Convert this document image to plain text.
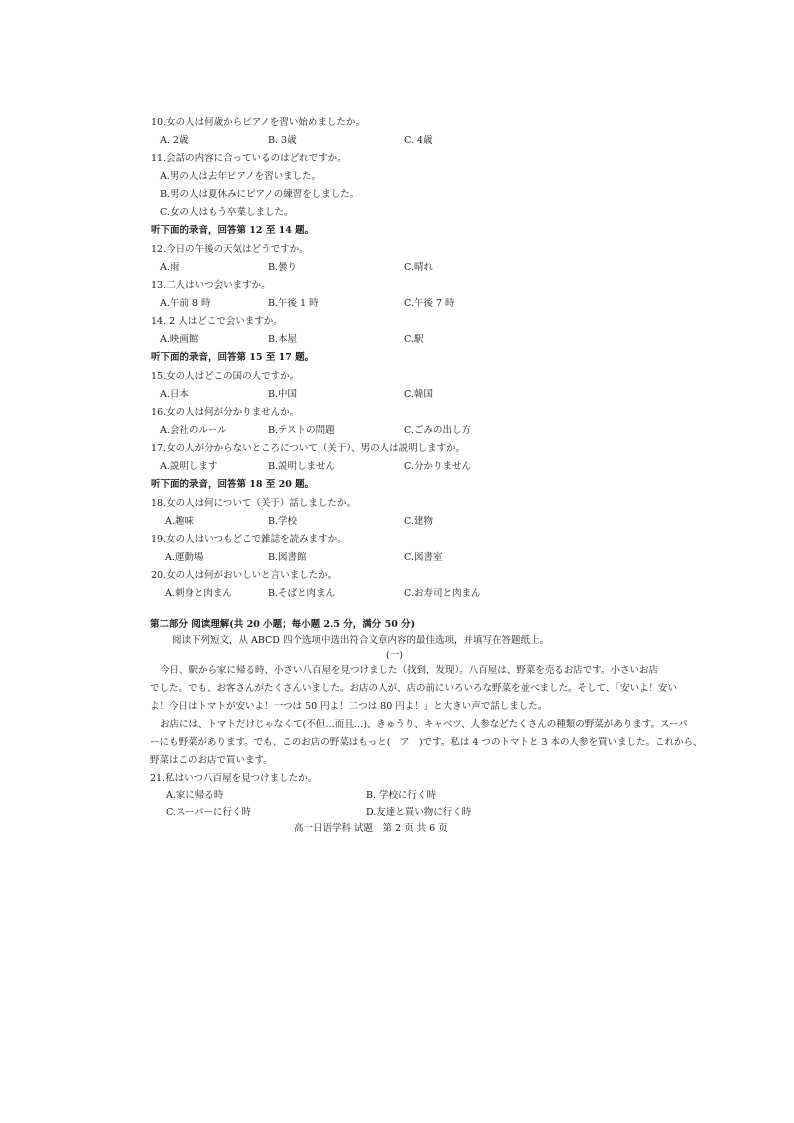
10.女の人は何歳からピアノを習い始めましたか。
A. 2歳	B. 3歳	C. 4歳
11.会話の内容に合っているのはどれですか。
A.男の人は去年ピアノを習いました。
B.男の人は夏休みにピアノの練習をしました。
C.女の人はもう卒業しました。
听下面的录音，回答第 12 至 14 题。
12.今日の午後の天気はどうですか。
A.雨	B.曇り	C.晴れ
13.二人はいつ会いますか。
A.午前 8 時	B.午後 1 時	C.午後 7 時
14. 2 人はどこで会いますか。
A.映画館	B.本屋	C.駅
听下面的录音，回答第 15 至 17 题。
15.女の人はどこの国の人ですか。
A.日本	B.中国	C.韓国
16.女の人は何が分かりませんか。
A.会社のルール	B.テストの問題	C.ごみの出し方
17.女の人が分からないところについて（关于）、男の人は説明しますか。
A.説明します	B.説明しません	C.分かりません
听下面的录音，回答第 18 至 20 题。
18.女の人は何について（关于）話しましたか。
A.趣味	B.学校	C.建物
19.女の人はいつもどこで雑誌を読みますか。
A.運動場	B.図書館	C.図書室
20.女の人は何がおいしいと言いましたか。
A.刺身と肉まん	B.そばと肉まん	C.お寿司と肉まん
第二部分 阅读理解(共 20 小题；每小题 2.5 分，满分 50 分)
阅读下列短文，从 ABCD 四个选项中选出符合文章内容的最佳选项，并填写在答题纸上。
(一)
今日、駅から家に帰る時、小さい八百屋を見つけました（找到，发现）。八百屋は、野菜を売るお店です。小さいお店
でした。でも、お客さんがたくさんいました。お店の人が、店の前にいろいろな野菜を並べました。そして、「安いよ！安い
よ！今日はトマトが安いよ！一つは 50 円よ！二つは 80 円よ！」と大きい声で話しました。
お店には、トマトだけじゃなくて(不但…而且…)、きゅうり、キャベツ、人参などたくさんの種類の野菜があります。スーパ
ーにも野菜があります。でも、このお店の野菜はもっと(　ア　)です。私は 4 つのトマトと 3 本の人参を買いました。これから、
野菜はこのお店で買います。
21.私はいつ八百屋を見つけましたか。
A.家に帰る時	B. 学校に行く時
C.スーパーに行く時	D.友達と買い物に行く時
高一日语学科 试题　第 2 页 共 6 页
